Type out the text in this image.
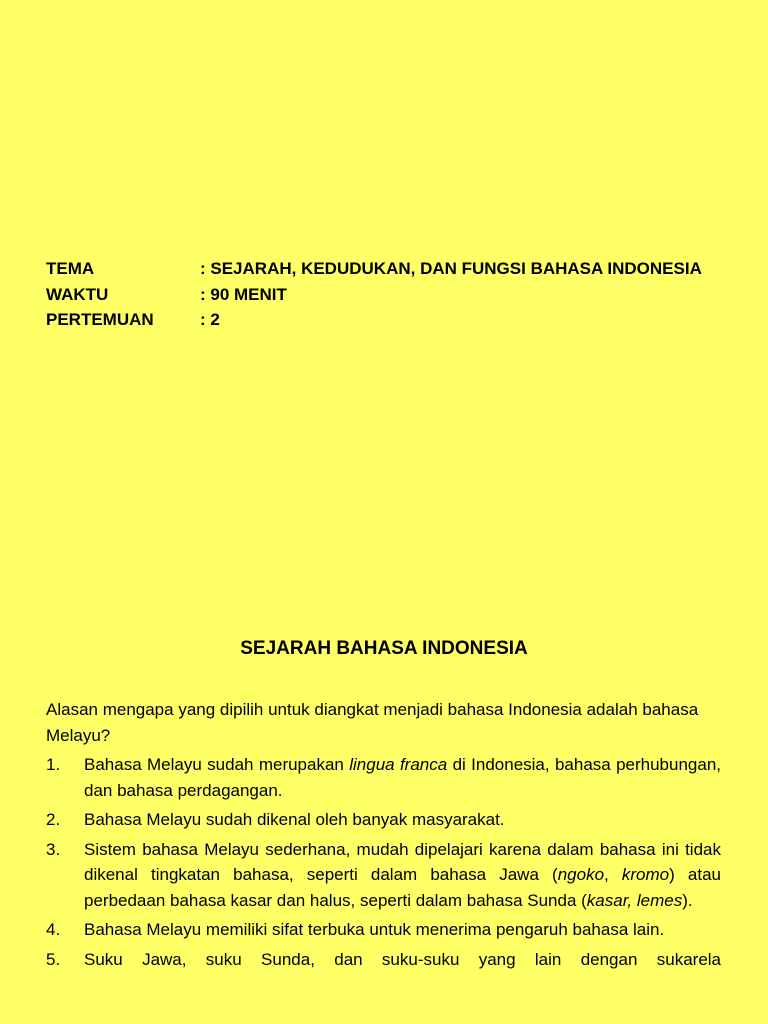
TEMA	: SEJARAH, KEDUDUKAN, DAN FUNGSI BAHASA INDONESIA
WAKTU	: 90 MENIT
PERTEMUAN	: 2
SEJARAH BAHASA INDONESIA

Alasan mengapa yang dipilih untuk diangkat menjadi bahasa Indonesia adalah bahasa Melayu?

1.	Bahasa Melayu sudah merupakan lingua franca di Indonesia, bahasa perhubungan, dan bahasa perdagangan.
2.	Bahasa Melayu sudah dikenal oleh banyak masyarakat.
3.	Sistem bahasa Melayu sederhana, mudah dipelajari karena dalam bahasa ini tidak dikenal tingkatan bahasa, seperti dalam bahasa Jawa (ngoko, kromo) atau perbedaan bahasa kasar dan halus, seperti dalam bahasa Sunda (kasar, lemes).
4.	Bahasa Melayu memiliki sifat terbuka untuk menerima pengaruh bahasa lain.
5.	Suku Jawa, suku Sunda, dan suku-suku yang lain dengan sukarela
